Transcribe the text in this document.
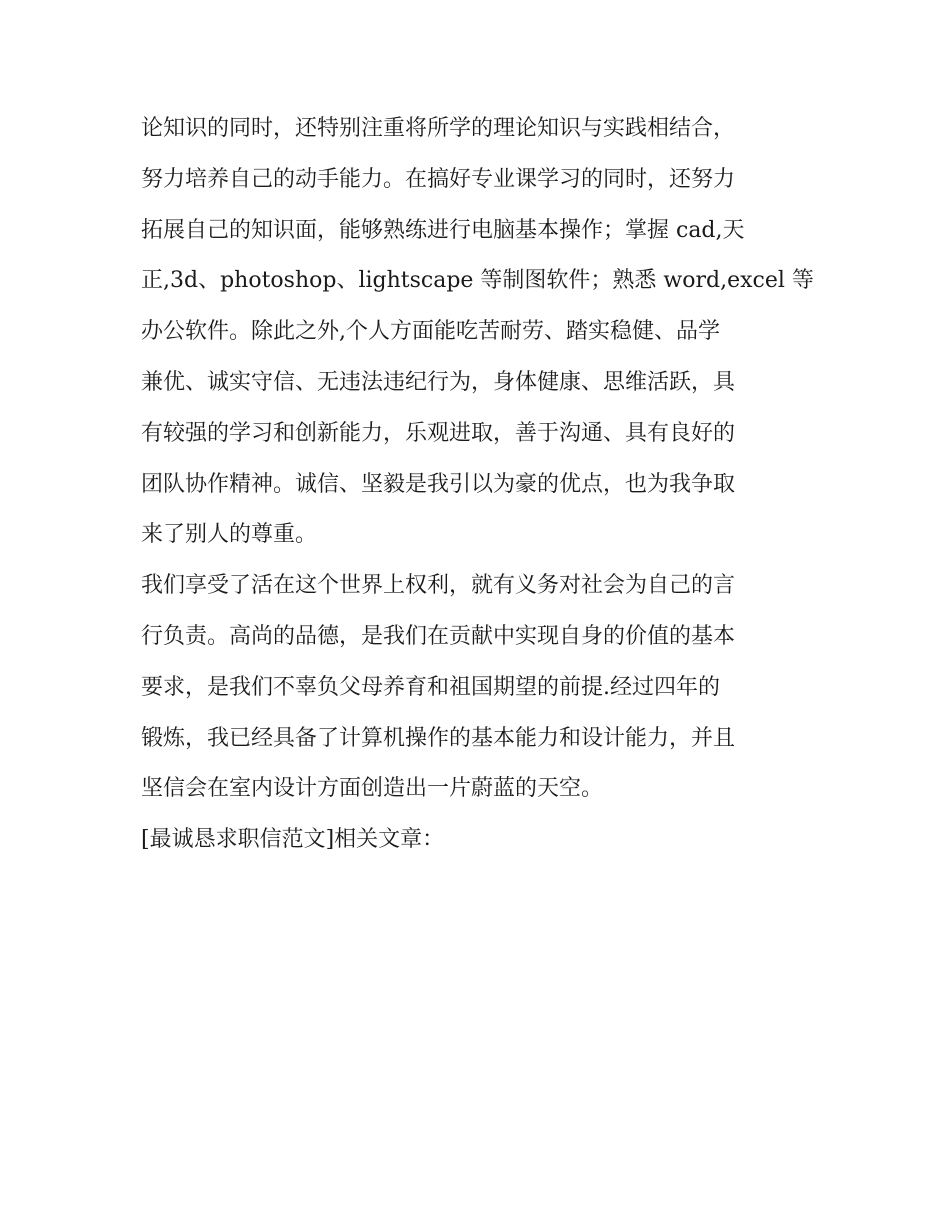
论知识的同时，还特别注重将所学的理论知识与实践相结合，
努力培养自己的动手能力。在搞好专业课学习的同时，还努力
拓展自己的知识面，能够熟练进行电脑基本操作；掌握 cad,天
正,3d、photoshop、lightscape 等制图软件；熟悉 word,excel 等
办公软件。除此之外,个人方面能吃苦耐劳、踏实稳健、品学
兼优、诚实守信、无违法违纪行为，身体健康、思维活跃，具
有较强的学习和创新能力，乐观进取，善于沟通、具有良好的
团队协作精神。诚信、坚毅是我引以为豪的优点，也为我争取
来了别人的尊重。
我们享受了活在这个世界上权利，就有义务对社会为自己的言
行负责。高尚的品德，是我们在贡献中实现自身的价值的基本
要求，是我们不辜负父母养育和祖国期望的前提.经过四年的
锻炼，我已经具备了计算机操作的基本能力和设计能力，并且
坚信会在室内设计方面创造出一片蔚蓝的天空。
[最诚恳求职信范文]相关文章：
